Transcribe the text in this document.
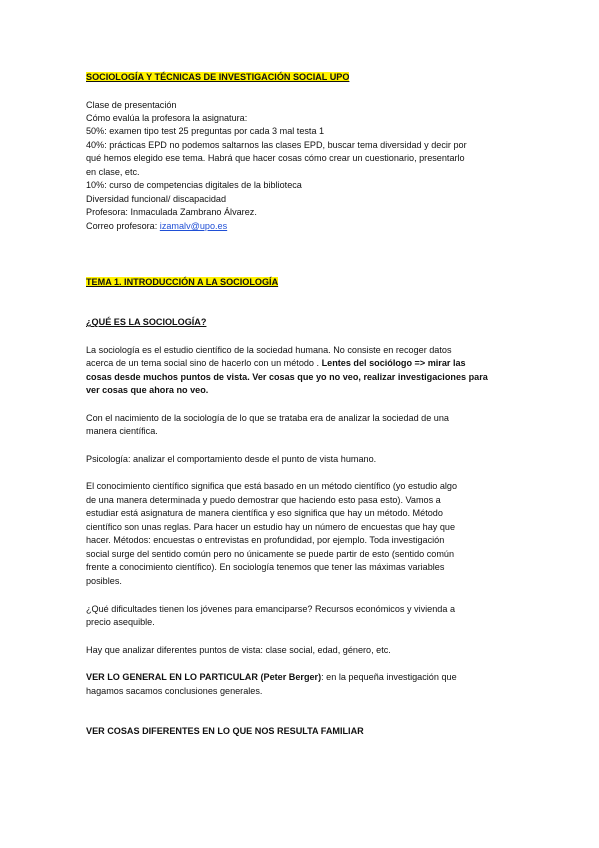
SOCIOLOGÍA Y TÉCNICAS DE INVESTIGACIÓN SOCIAL UPO
Clase de presentación
Cómo evalúa la profesora la asignatura:
50%: examen tipo test 25 preguntas por cada 3 mal testa 1
40%: prácticas EPD no podemos saltarnos las clases EPD, buscar tema diversidad y decir por
qué hemos elegido ese tema. Habrá que hacer cosas cómo crear un cuestionario, presentarlo
en clase, etc.
10%: curso de competencias digitales de la biblioteca
Diversidad funcional/ discapacidad
Profesora: Inmaculada Zambrano Álvarez.
Correo profesora: izamalv@upo.es
TEMA 1. INTRODUCCIÓN A LA SOCIOLOGÍA
¿QUÉ ES LA SOCIOLOGÍA?
La sociología es el estudio científico de la sociedad humana. No consiste en recoger datos
acerca de un tema social sino de hacerlo con un método . Lentes del sociólogo => mirar las
cosas desde muchos puntos de vista. Ver cosas que yo no veo, realizar investigaciones para
ver cosas que ahora no veo.
Con el nacimiento de la sociología de lo que se trataba era de analizar la sociedad de una
manera científica.
Psicología: analizar el comportamiento desde el punto de vista humano.
El conocimiento científico significa que está basado en un método científico (yo estudio algo
de una manera determinada y puedo demostrar que haciendo esto pasa esto). Vamos a
estudiar está asignatura de manera científica y eso significa que hay un método. Método
científico son unas reglas. Para hacer un estudio hay un número de encuestas que hay que
hacer. Métodos: encuestas o entrevistas en profundidad, por ejemplo. Toda investigación
social surge del sentido común pero no únicamente se puede partir de esto (sentido común
frente a conocimiento científico). En sociología tenemos que tener las máximas variables
posibles.
¿Qué dificultades tienen los jóvenes para emanciparse? Recursos económicos y vivienda a
precio asequible.
Hay que analizar diferentes puntos de vista: clase social, edad, género, etc.
VER LO GENERAL EN LO PARTICULAR (Peter Berger): en la pequeña investigación que
hagamos sacamos conclusiones generales.
VER COSAS DIFERENTES EN LO QUE NOS RESULTA FAMILIAR
